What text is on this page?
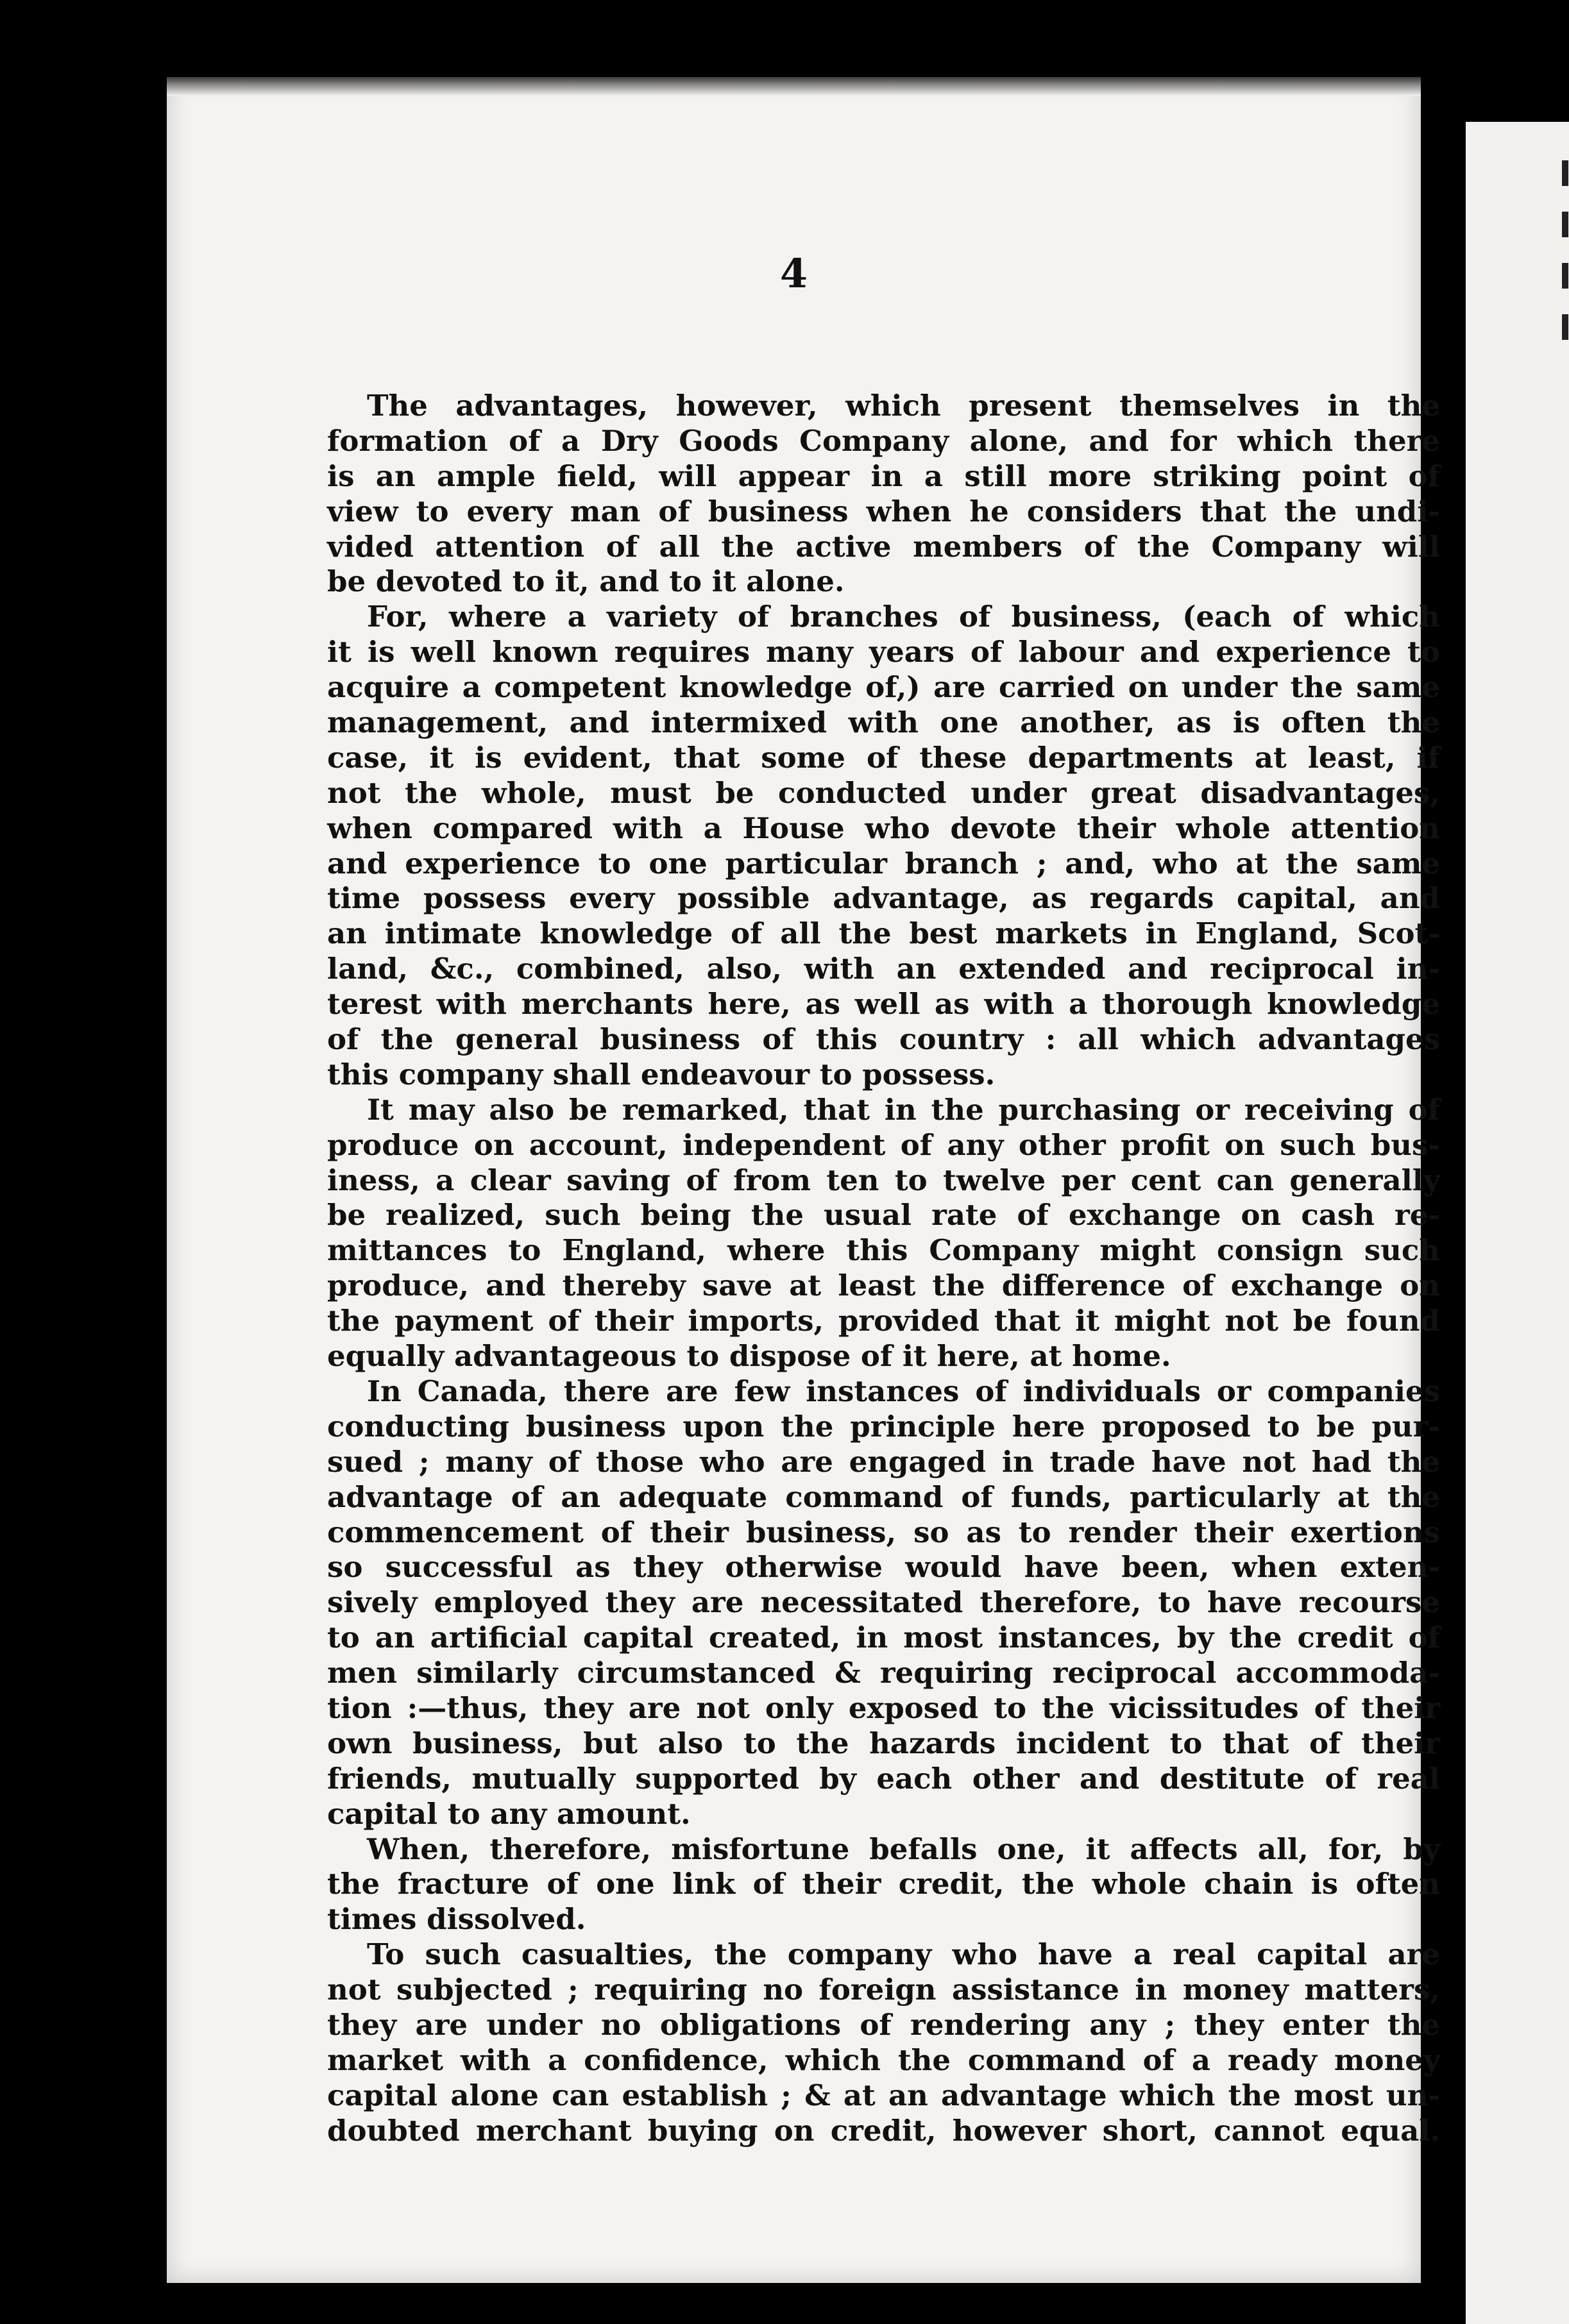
4
The advantages, however, which present themselves in the
formation of a Dry Goods Company alone, and for which there
is an ample field, will appear in a still more striking point of
view to every man of business when he considers that the undi-
vided attention of all the active members of the Company will
be devoted to it, and to it alone.
For, where a variety of branches of business, (each of which
it is well known requires many years of labour and experience to
acquire a competent knowledge of,) are carried on under the same
management, and intermixed with one another, as is often the
case, it is evident, that some of these departments at least, if
not the whole, must be conducted under great disadvantages,
when compared with a House who devote their whole attention
and experience to one particular branch ; and, who at the same
time possess every possible advantage, as regards capital, and
an intimate knowledge of all the best markets in England, Scot-
land, &c., combined, also, with an extended and reciprocal in-
terest with merchants here, as well as with a thorough knowledge
of the general business of this country : all which advantages
this company shall endeavour to possess.
It may also be remarked, that in the purchasing or receiving of
produce on account, independent of any other profit on such bus-
iness, a clear saving of from ten to twelve per cent can generally
be realized, such being the usual rate of exchange on cash re-
mittances to England, where this Company might consign such
produce, and thereby save at least the difference of exchange on
the payment of their imports, provided that it might not be found
equally advantageous to dispose of it here, at home.
In Canada, there are few instances of individuals or companies
conducting business upon the principle here proposed to be pur-
sued ; many of those who are engaged in trade have not had the
advantage of an adequate command of funds, particularly at the
commencement of their business, so as to render their exertions
so successful as they otherwise would have been, when exten-
sively employed they are necessitated therefore, to have recourse
to an artificial capital created, in most instances, by the credit of
men similarly circumstanced & requiring reciprocal accommoda-
tion :—thus, they are not only exposed to the vicissitudes of their
own business, but also to the hazards incident to that of their
friends, mutually supported by each other and destitute of real
capital to any amount.
When, therefore, misfortune befalls one, it affects all, for, by
the fracture of one link of their credit, the whole chain is often
times dissolved.
To such casualties, the company who have a real capital are
not subjected ; requiring no foreign assistance in money matters,
they are under no obligations of rendering any ; they enter the
market with a confidence, which the command of a ready money
capital alone can establish ; & at an advantage which the most un-
doubted merchant buying on credit, however short, cannot equal.
